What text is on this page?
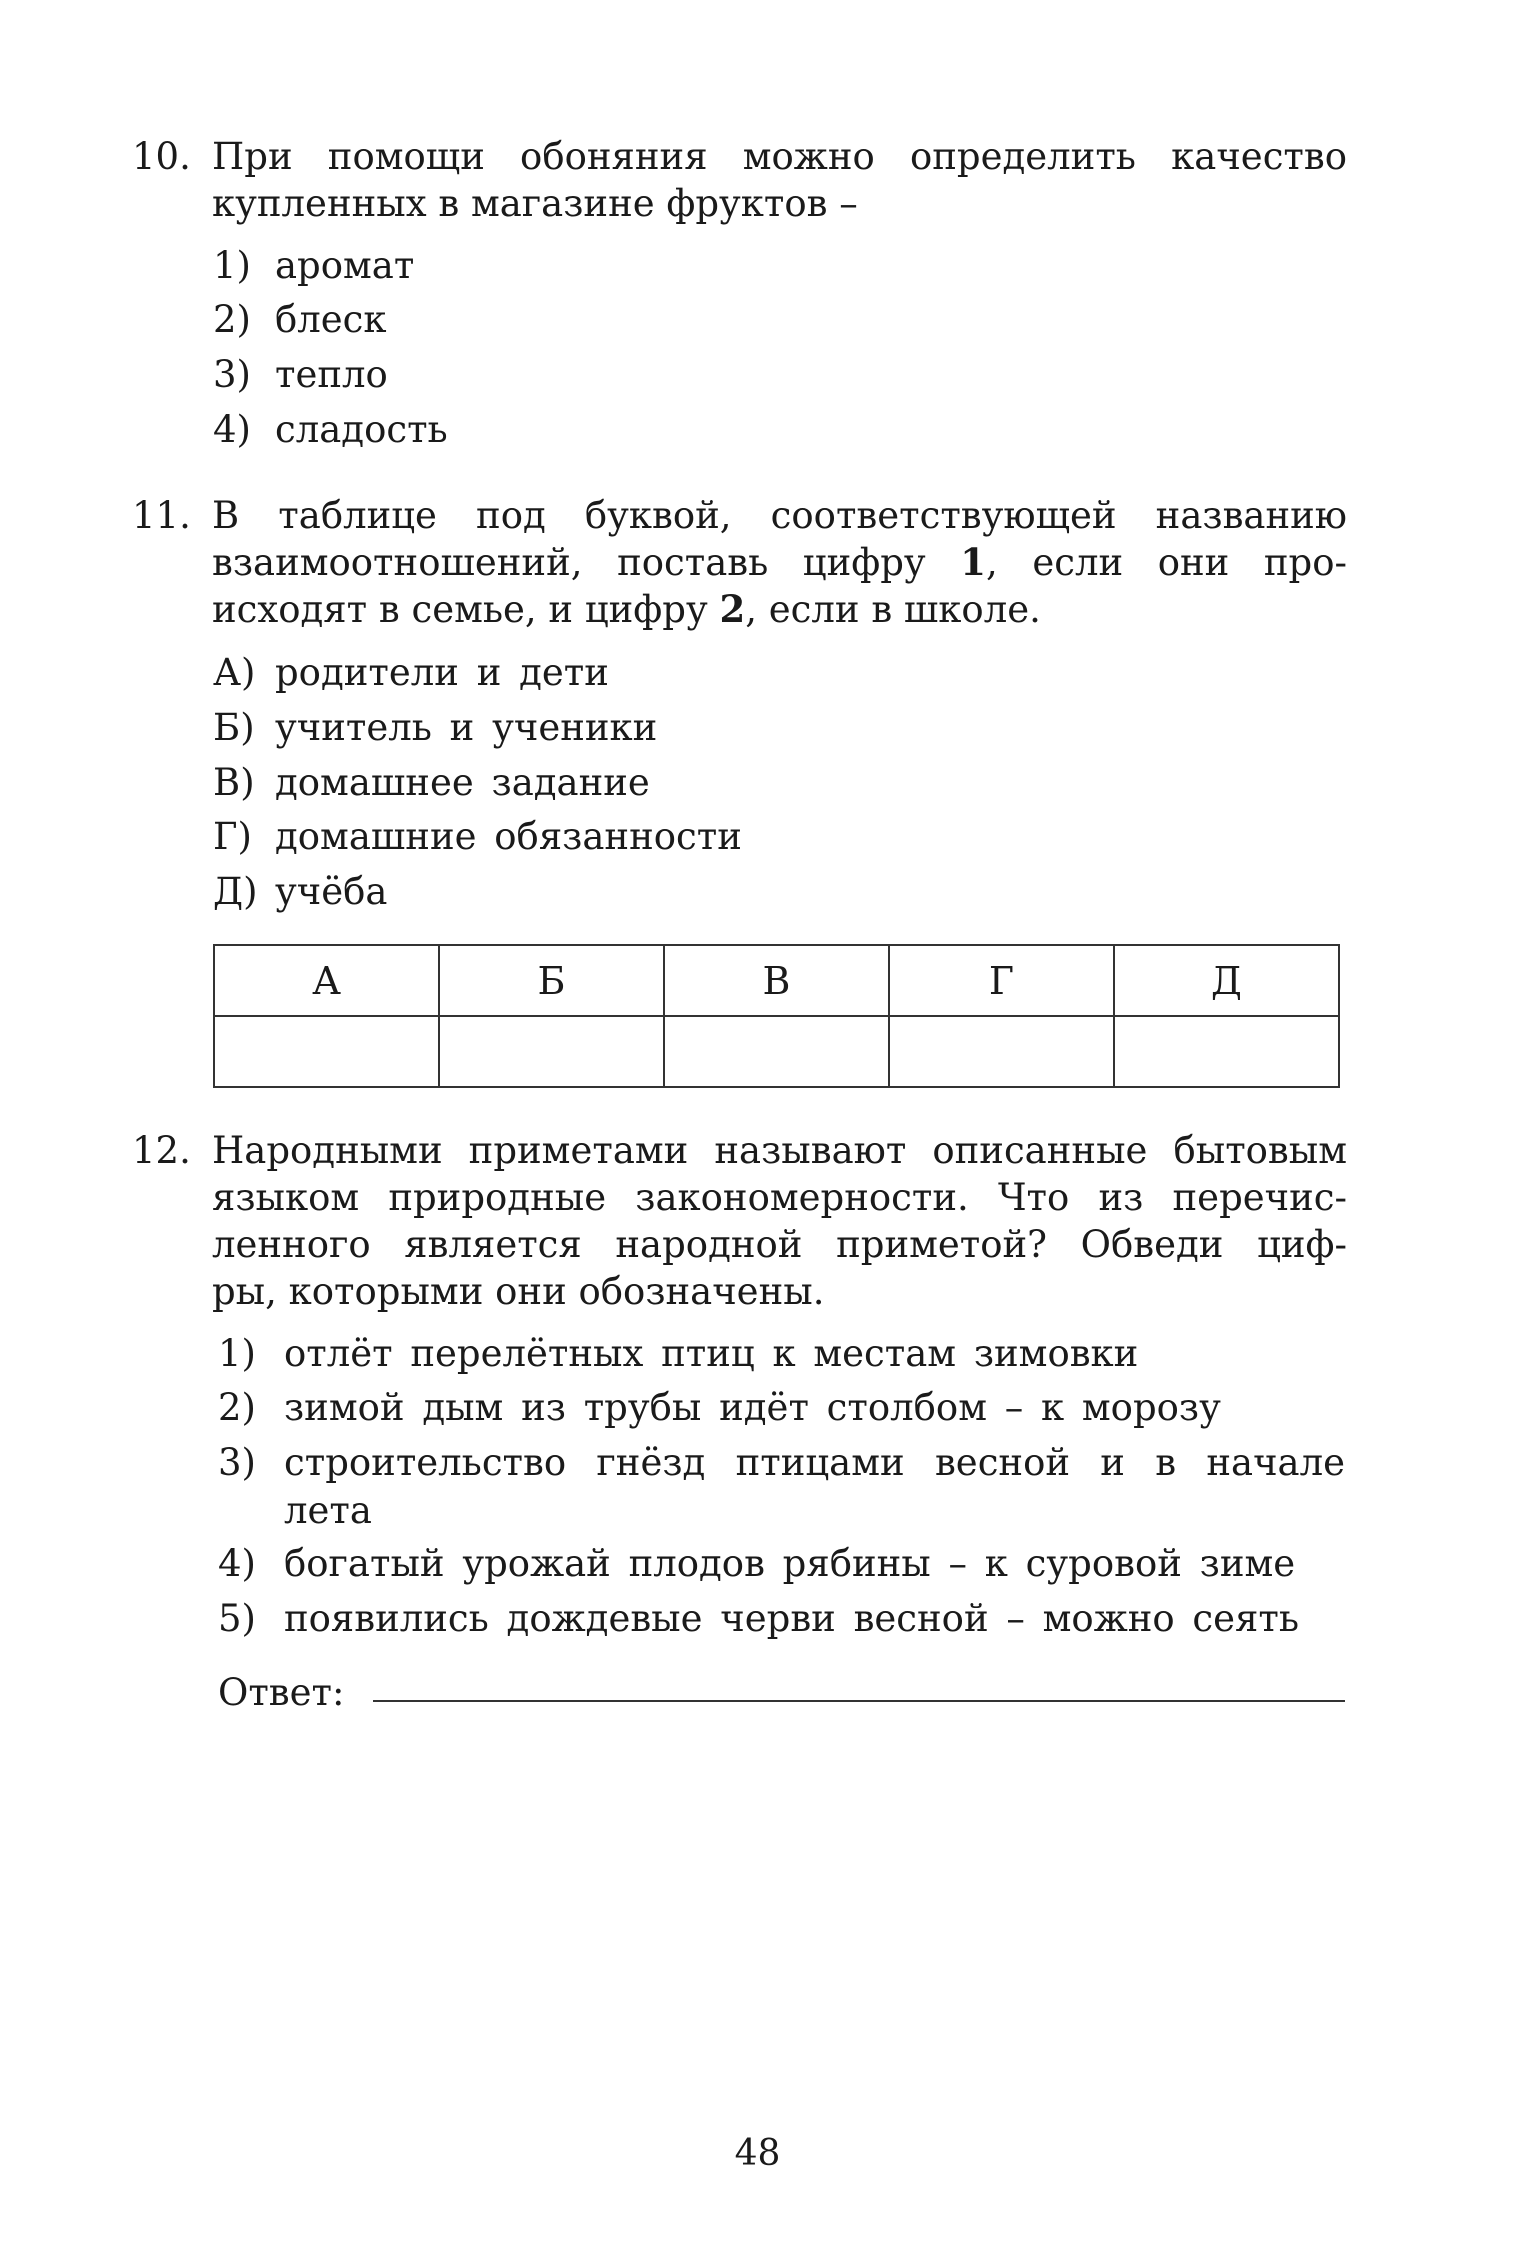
10. При помощи обоняния можно определить качество
купленных в магазине фруктов –
1) аромат
2) блеск
3) тепло
4) сладость
11. В таблице под буквой, соответствующей названию
взаимоотношений, поставь цифру 1, если они про-
исходят в семье, и цифру 2, если в школе.
А) родители и дети
Б) учитель и ученики
В) домашнее задание
Г) домашние обязанности
Д) учёба
А	Б	В	Г	Д

12. Народными приметами называют описанные бытовым
языком природные закономерности. Что из перечис-
ленного является народной приметой? Обведи циф-
ры, которыми они обозначены.
1) отлёт перелётных птиц к местам зимовки
2) зимой дым из трубы идёт столбом – к морозу
3) строительство гнёзд птицами весной и в начале
лета
4) богатый урожай плодов рябины – к суровой зиме
5) появились дождевые черви весной – можно сеять
Ответ:
48
